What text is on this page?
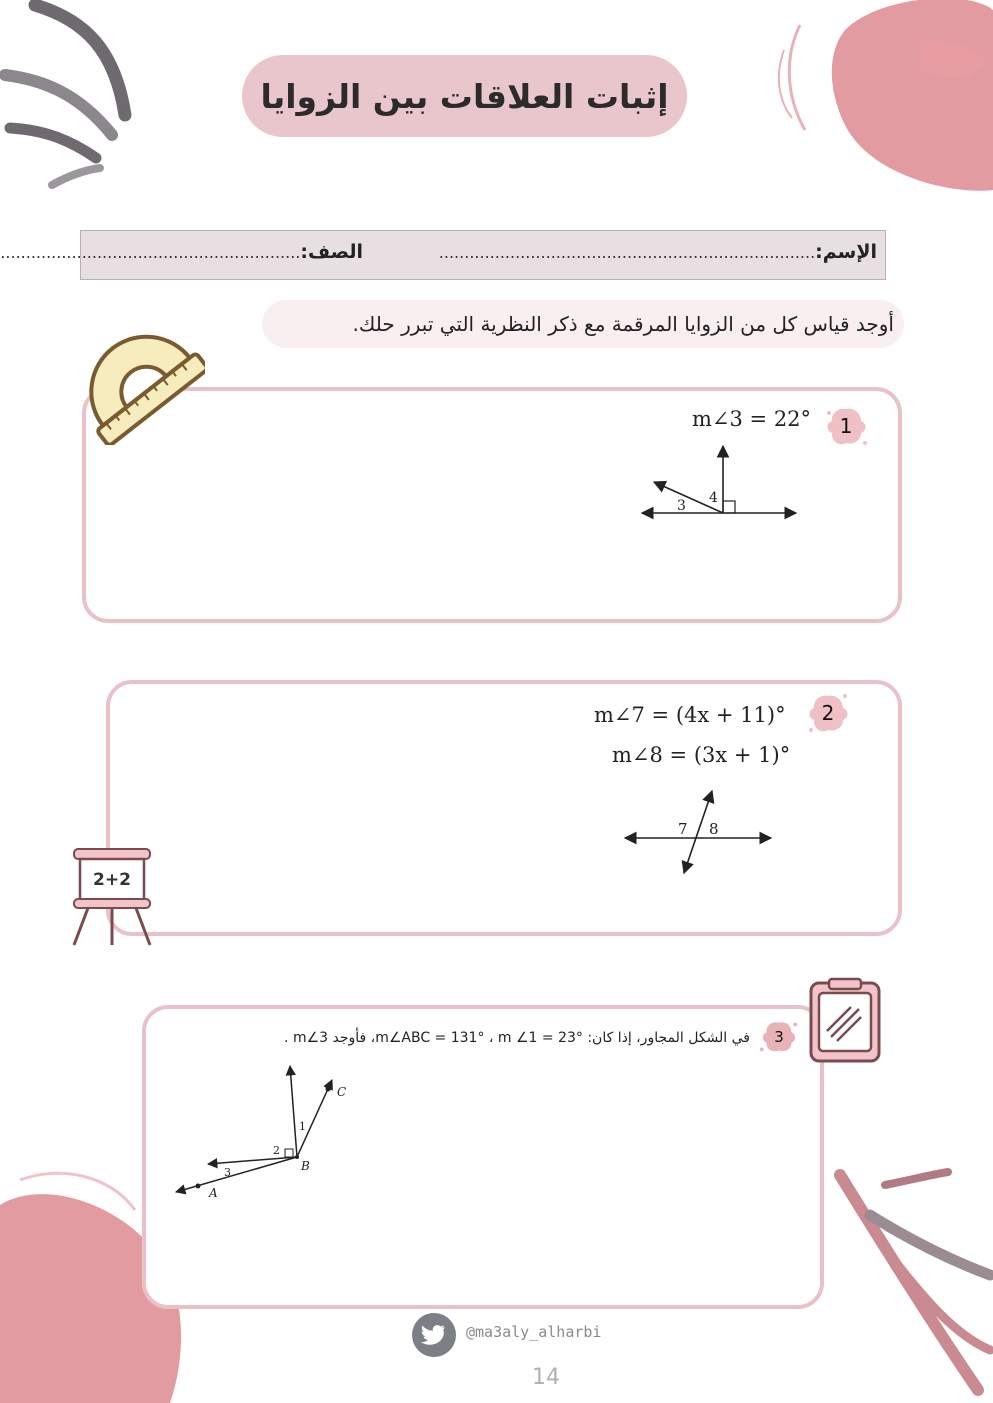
إثبات العلاقات بين الزوايا
الإسم:..........................................................................
الصف:...........................................................
أوجد قياس كل من الزوايا المرقمة مع ذكر النظرية التي تبرر حلك.
1
m∠3 = 22°
3 4
2
m∠7 = (4x + 11)°
m∠8 = (3x + 1)°
7 8
2+2
3
في الشكل المجاور، إذا كان: m∠ABC = 131° ، m ∠1 = 23°، فأوجد m∠3 .
C
1
2
B
3
A
@ma3aly_alharbi
14
